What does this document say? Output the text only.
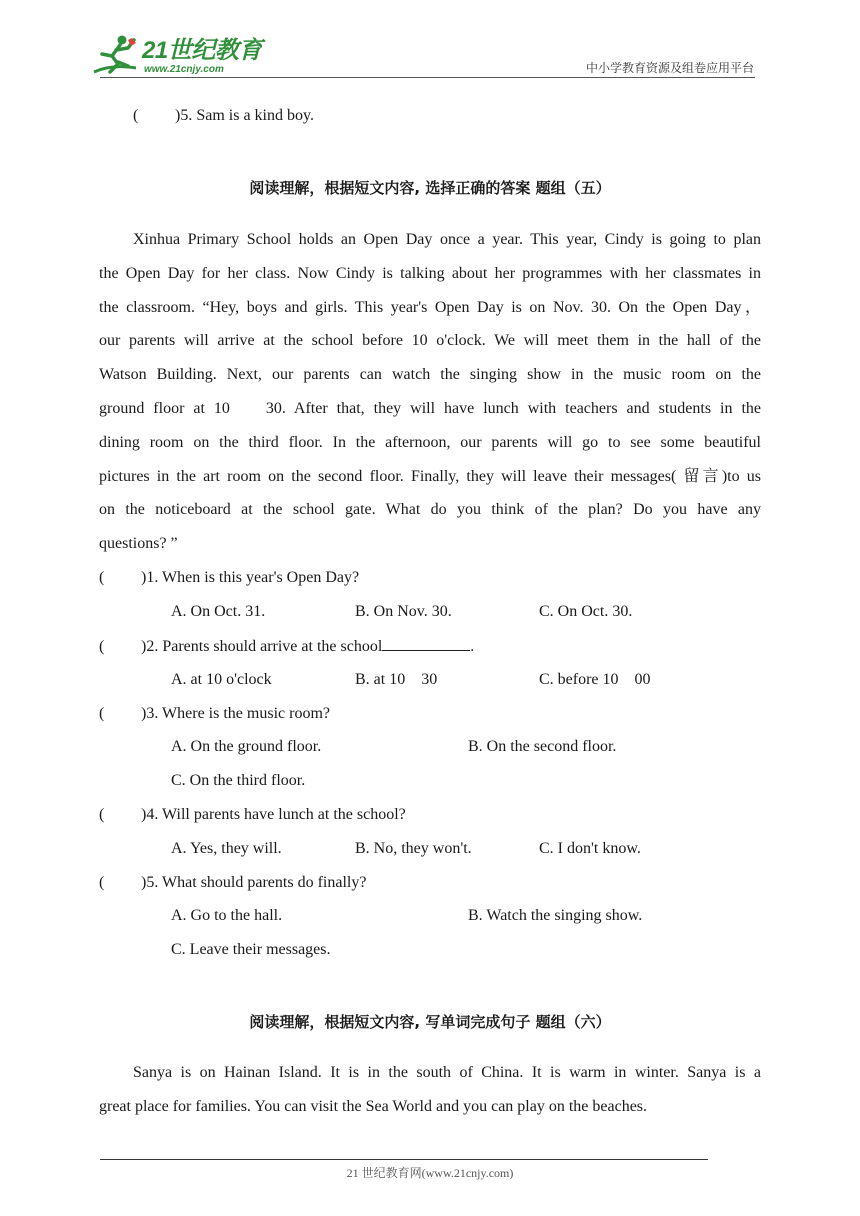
21世纪教育
www.21cnjy.com	中小学教育资源及组卷应用平台
( )5. Sam is a kind boy.
阅读理解，根据短文内容, 选择正确的答案 题组（五）
Xinhua Primary School holds an Open Day once a year. This year, Cindy is going to plan
the Open Day for her class. Now Cindy is talking about her programmes with her classmates in
the classroom. “Hey, boys and girls. This year's Open Day is on Nov. 30. On the Open Day，
our parents will arrive at the school before 10 o'clock. We will meet them in the hall of the
Watson Building. Next, our parents can watch the singing show in the music room on the
ground floor at 10    30. After that, they will have lunch with teachers and students in the
dining room on the third floor. In the afternoon, our parents will go to see some beautiful
pictures in the art room on the second floor. Finally, they will leave their messages( 留言)to us
on the noticeboard at the school gate. What do you think of the plan? Do you have any
questions? ”
( )1. When is this year's Open Day?
A. On Oct. 31.	B. On Nov. 30.	C. On Oct. 30.
( )2. Parents should arrive at the school	.
A. at 10 o'clock	B. at 10    30	C. before 10    00
( )3. Where is the music room?
A. On the ground floor.	B. On the second floor.
C. On the third floor.
( )4. Will parents have lunch at the school?
A. Yes, they will.	B. No, they won't.	C. I don't know.
( )5. What should parents do finally?
A. Go to the hall.	B. Watch the singing show.
C. Leave their messages.
阅读理解，根据短文内容, 写单词完成句子 题组（六）
Sanya is on Hainan Island. It is in the south of China. It is warm in winter. Sanya is a
great place for families. You can visit the Sea World and you can play on the beaches.
21 世纪教育网(www.21cnjy.com)
